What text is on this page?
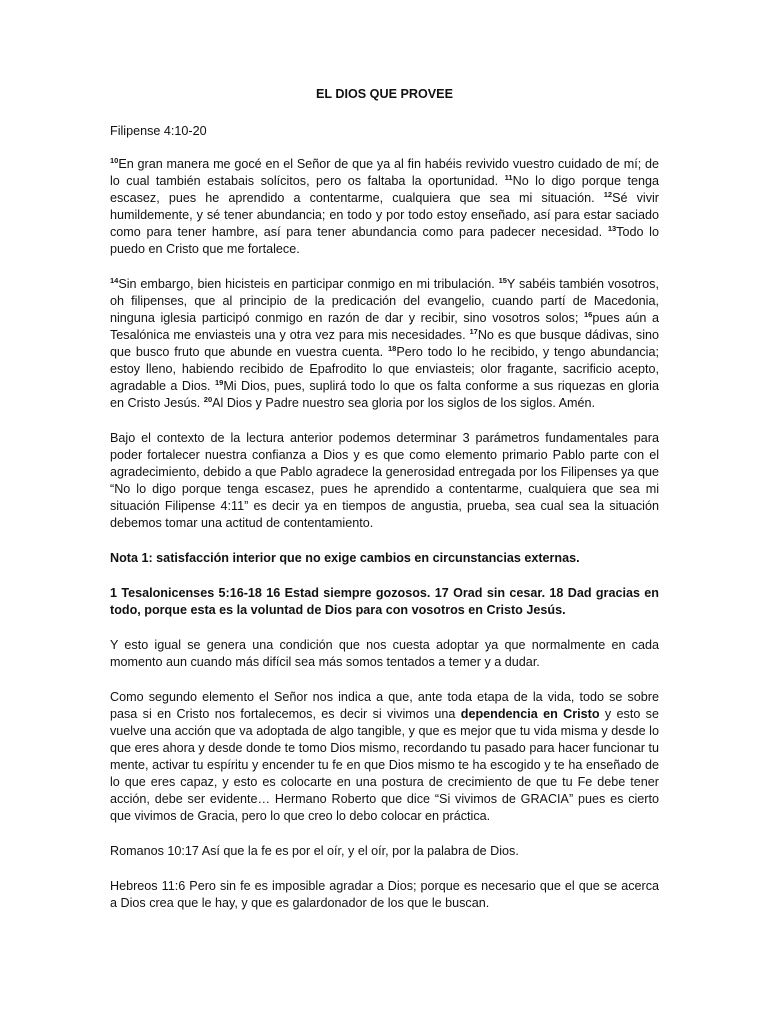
EL DIOS QUE PROVEE
Filipense 4:10-20

$^{10}$En gran manera me gocé en el Señor de que ya al fin habéis revivido vuestro cuidado de mí; de lo cual también estabais solícitos, pero os faltaba la oportunidad. $^{11}$No lo digo porque tenga escasez, pues he aprendido a contentarme, cualquiera que sea mi situación. $^{12}$Sé vivir humildemente, y sé tener abundancia; en todo y por todo estoy enseñado, así para estar saciado como para tener hambre, así para tener abundancia como para padecer necesidad. $^{13}$Todo lo puedo en Cristo que me fortalece.

$^{14}$Sin embargo, bien hicisteis en participar conmigo en mi tribulación. $^{15}$Y sabéis también vosotros, oh filipenses, que al principio de la predicación del evangelio, cuando partí de Macedonia, ninguna iglesia participó conmigo en razón de dar y recibir, sino vosotros solos; $^{16}$pues aún a Tesalónica me enviasteis una y otra vez para mis necesidades. $^{17}$No es que busque dádivas, sino que busco fruto que abunde en vuestra cuenta. $^{18}$Pero todo lo he recibido, y tengo abundancia; estoy lleno, habiendo recibido de Epafrodito lo que enviasteis; olor fragante, sacrificio acepto, agradable a Dios. $^{19}$Mi Dios, pues, suplirá todo lo que os falta conforme a sus riquezas en gloria en Cristo Jesús. $^{20}$Al Dios y Padre nuestro sea gloria por los siglos de los siglos. Amén.

Bajo el contexto de la lectura anterior podemos determinar 3 parámetros fundamentales para poder fortalecer nuestra confianza a Dios y es que como elemento primario Pablo parte con el agradecimiento, debido a que Pablo agradece la generosidad entregada por los Filipenses ya que “No lo digo porque tenga escasez, pues he aprendido a contentarme, cualquiera que sea mi situación Filipense 4:11” es decir ya en tiempos de angustia, prueba, sea cual sea la situación debemos tomar una actitud de contentamiento.

Nota 1: satisfacción interior que no exige cambios en circunstancias externas.

1 Tesalonicenses 5:16-18 16 Estad siempre gozosos. 17 Orad sin cesar. 18 Dad gracias en todo, porque esta es la voluntad de Dios para con vosotros en Cristo Jesús.

Y esto igual se genera una condición que nos cuesta adoptar ya que normalmente en cada momento aun cuando más difícil sea más somos tentados a temer y a dudar.

Como segundo elemento el Señor nos indica a que, ante toda etapa de la vida, todo se sobre pasa si en Cristo nos fortalecemos, es decir si vivimos una dependencia en Cristo y esto se vuelve una acción que va adoptada de algo tangible, y que es mejor que tu vida misma y desde lo que eres ahora y desde donde te tomo Dios mismo, recordando tu pasado para hacer funcionar tu mente, activar tu espíritu y encender tu fe en que Dios mismo te ha escogido y te ha enseñado de lo que eres capaz, y esto es colocarte en una postura de crecimiento de que tu Fe debe tener acción, debe ser evidente… Hermano Roberto que dice “Si vivimos de GRACIA” pues es cierto que vivimos de Gracia, pero lo que creo lo debo colocar en práctica.

Romanos 10:17 Así que la fe es por el oír, y el oír, por la palabra de Dios.

Hebreos 11:6 Pero sin fe es imposible agradar a Dios; porque es necesario que el que se acerca a Dios crea que le hay, y que es galardonador de los que le buscan.
